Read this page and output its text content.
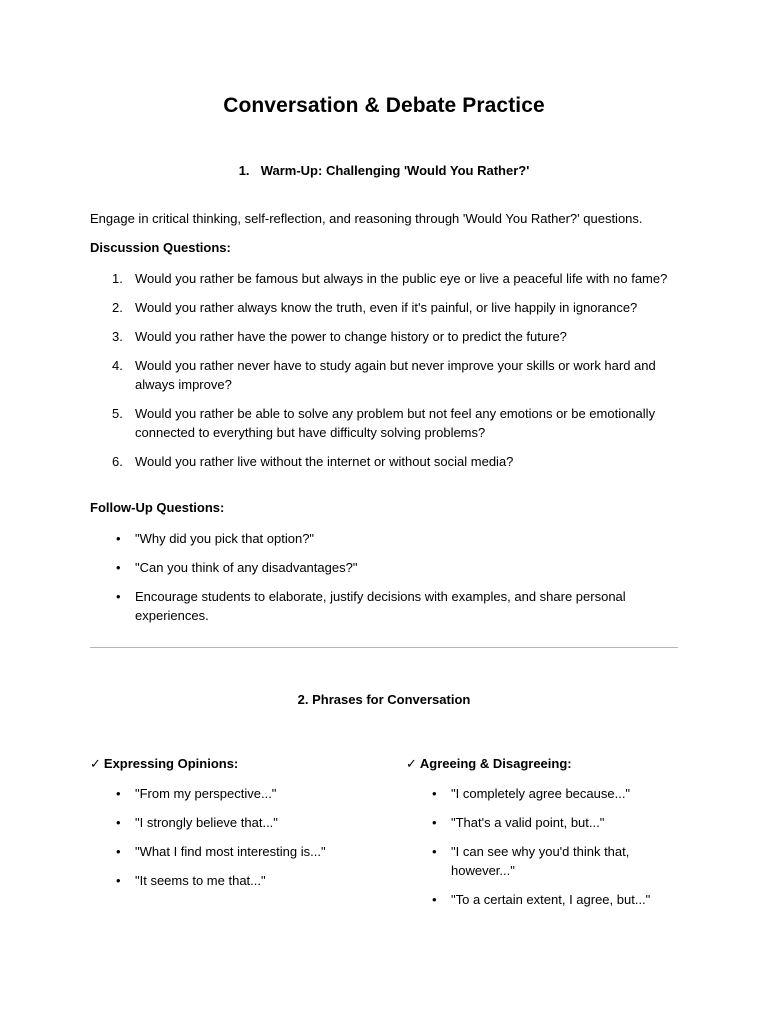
Conversation & Debate Practice
1. Warm-Up: Challenging 'Would You Rather?'
Engage in critical thinking, self-reflection, and reasoning through 'Would You Rather?' questions.
Discussion Questions:
1. Would you rather be famous but always in the public eye or live a peaceful life with no fame?
2. Would you rather always know the truth, even if it's painful, or live happily in ignorance?
3. Would you rather have the power to change history or to predict the future?
4. Would you rather never have to study again but never improve your skills or work hard and always improve?
5. Would you rather be able to solve any problem but not feel any emotions or be emotionally connected to everything but have difficulty solving problems?
6. Would you rather live without the internet or without social media?
Follow-Up Questions:
• "Why did you pick that option?"
• "Can you think of any disadvantages?"
• Encourage students to elaborate, justify decisions with examples, and share personal experiences.
2. Phrases for Conversation
✓ Expressing Opinions:
• "From my perspective..."
• "I strongly believe that..."
• "What I find most interesting is..."
• "It seems to me that..."
✓ Agreeing & Disagreeing:
• "I completely agree because..."
• "That's a valid point, but..."
• "I can see why you'd think that, however..."
• "To a certain extent, I agree, but..."
